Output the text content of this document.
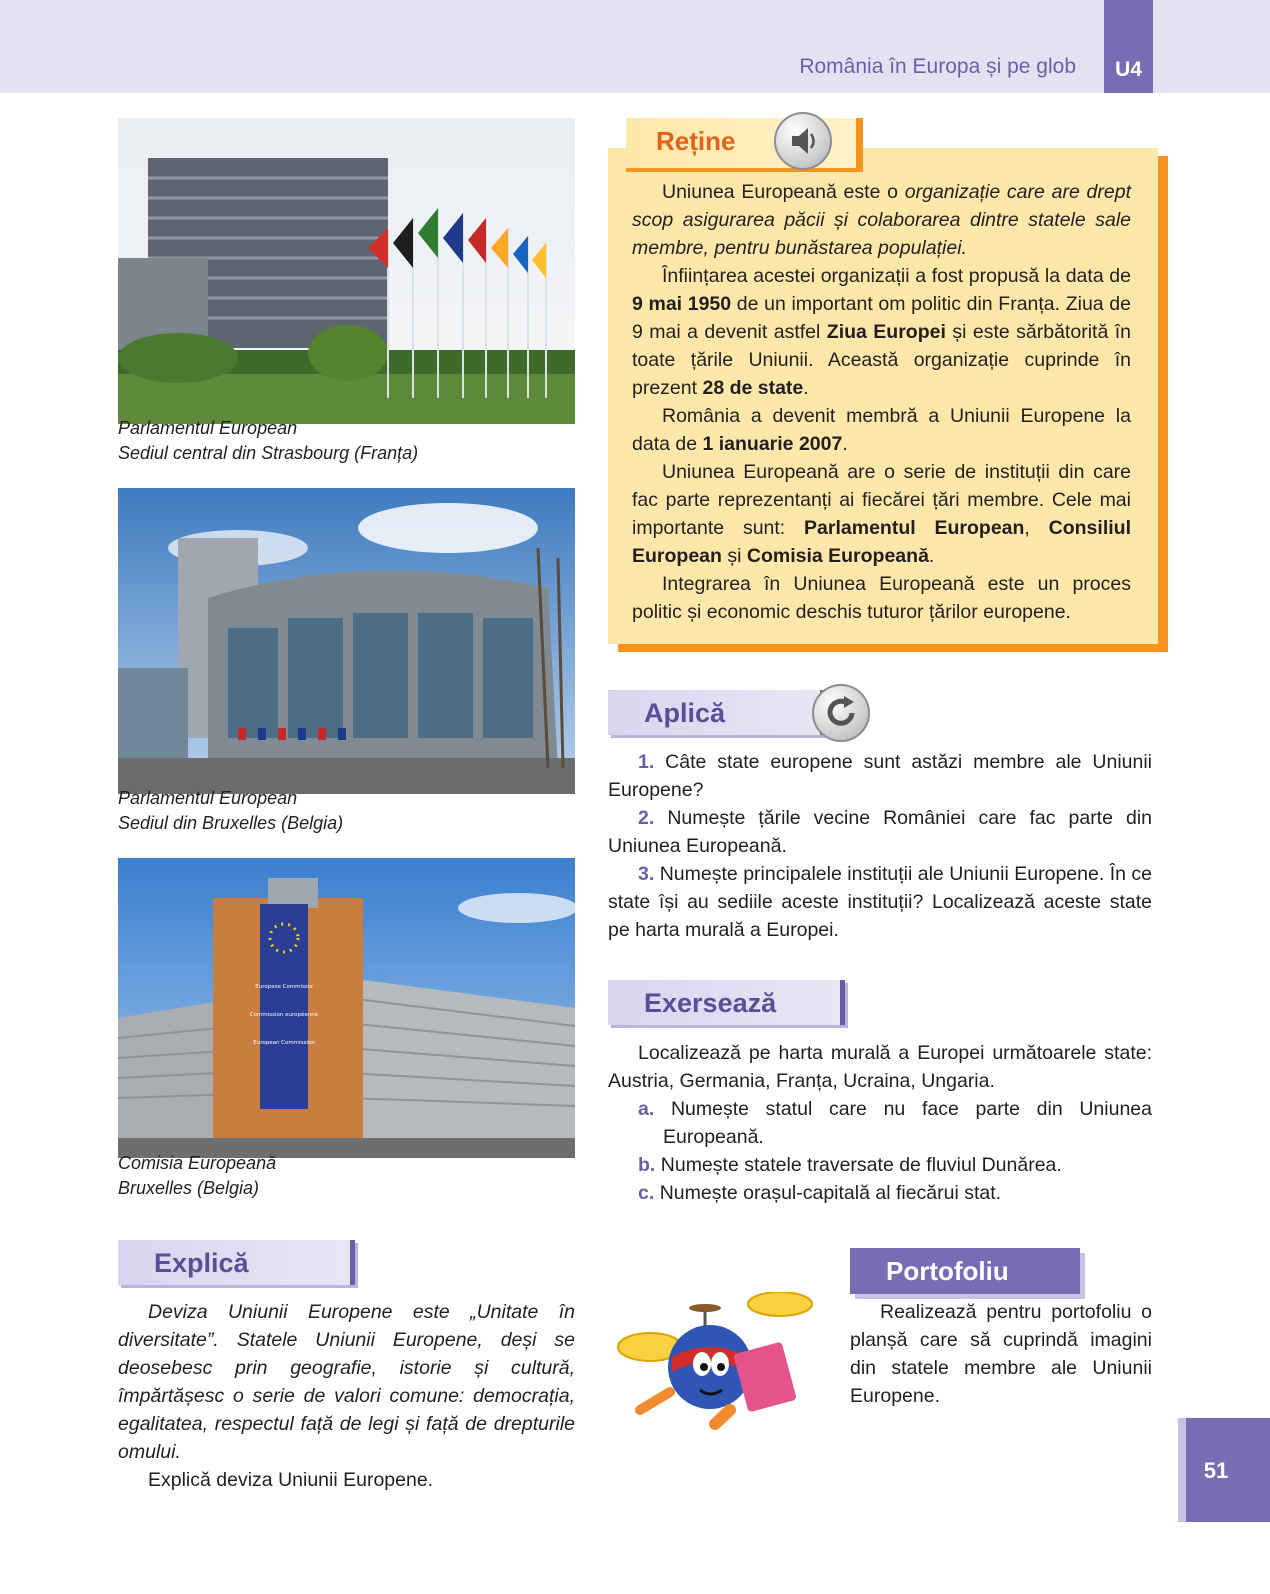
România în Europa și pe glob	U4
Parlamentul European
Sediul central din Strasbourg (Franța)
Parlamentul European
Sediul din Bruxelles (Belgia)
Europese Commissie
Commission européenne
European Commission
Comisia Europeană
Bruxelles (Belgia)
Reține
Uniunea Europeană este o organizație care are drept scop asigurarea păcii și colaborarea dintre statele sale membre, pentru bunăstarea populației.
Înființarea acestei organizații a fost propusă la data de 9 mai 1950 de un important om politic din Franța. Ziua de 9 mai a devenit astfel Ziua Europei și este sărbătorită în toate țările Uniunii. Această organizație cuprinde în prezent 28 de state.
România a devenit membră a Uniunii Europene la data de 1 ianuarie 2007.
Uniunea Europeană are o serie de instituții din care fac parte reprezentanți ai fiecărei țări membre. Cele mai importante sunt: Parlamentul European, Consiliul European și Comisia Europeană.
Integrarea în Uniunea Europeană este un proces politic și economic deschis tuturor țărilor europene.
Aplică
1. Câte state europene sunt astăzi membre ale Uniunii Europene?
2. Numește țările vecine României care fac parte din Uniunea Europeană.
3. Numește principalele instituții ale Uniunii Europene. În ce state își au sediile aceste instituții? Localizează aceste state pe harta murală a Europei.
Exersează
Localizează pe harta murală a Europei următoarele state: Austria, Germania, Franța, Ucraina, Ungaria.
a. Numește statul care nu face parte din Uniunea Europeană.
b. Numește statele traversate de fluviul Dunărea.
c. Numește orașul-capitală al fiecărui stat.
Explică
Deviza Uniunii Europene este „Unitate în diversitate”. Statele Uniunii Europene, deși se deosebesc prin geografie, istorie și cultură, împărtășesc o serie de valori comune: democrația, egalitatea, respectul față de legi și față de drepturile omului.
Explică deviza Uniunii Europene.
Portofoliu
Realizează pentru portofoliu o planșă care să cuprindă imagini din statele membre ale Uniunii Europene.
51
